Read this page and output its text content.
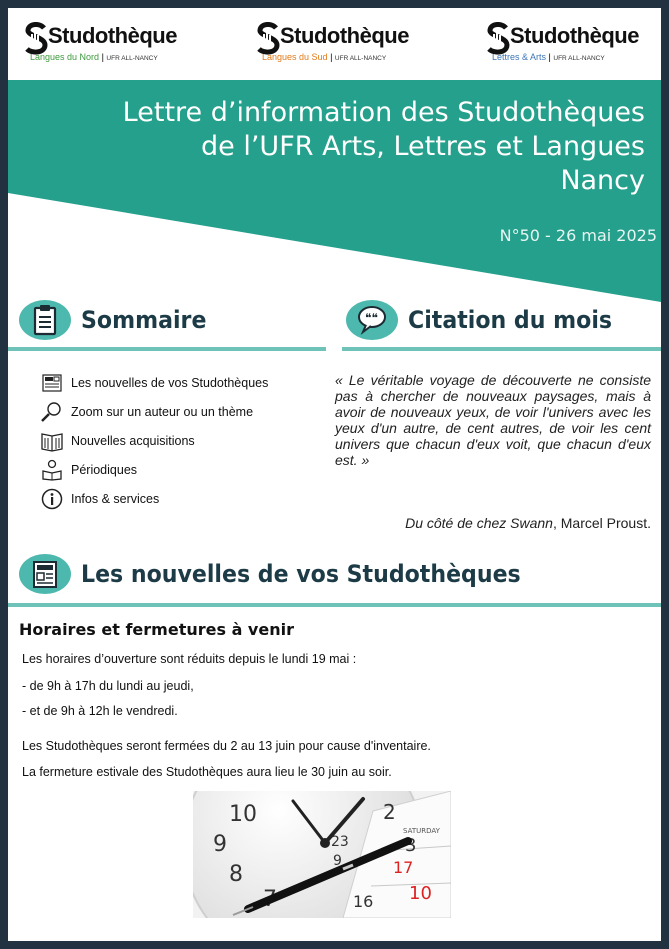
Studothèque
Langues du Nord | UFR ALL-NANCY
Studothèque
Langues du Sud | UFR ALL-NANCY
Studothèque
Lettres & Arts | UFR ALL-NANCY
Lettre d’information des Studothèques
de l’UFR Arts, Lettres et Langues
Nancy
N°50 - 26 mai 2025
Sommaire	❝❝ Citation du mois
Les nouvelles de vos Studothèques
Zoom sur un auteur ou un thème
Nouvelles acquisitions
Périodiques
Infos & services
« Le véritable voyage de découverte ne consiste pas à chercher de nouveaux paysages, mais à avoir de nouveaux yeux, de voir l'univers avec les yeux d'un autre, de cent autres, de voir les cent univers que chacun d'eux voit, que chacun d'eux est. »
Du côté de chez Swann, Marcel Proust.
Les nouvelles de vos Studothèques
Horaires et fermetures à venir
Les horaires d’ouverture sont réduits depuis le lundi 19 mai :
- de 9h à 17h du lundi au jeudi,
- et de 9h à 12h le vendredi.
Les Studothèques seront fermées du 2 au 13 juin pour cause d'inventaire.
La fermeture estivale des Studothèques aura lieu le 30 juin au soir.
10
9
8
2
3
SATURDAY
23
9
16 10
17
